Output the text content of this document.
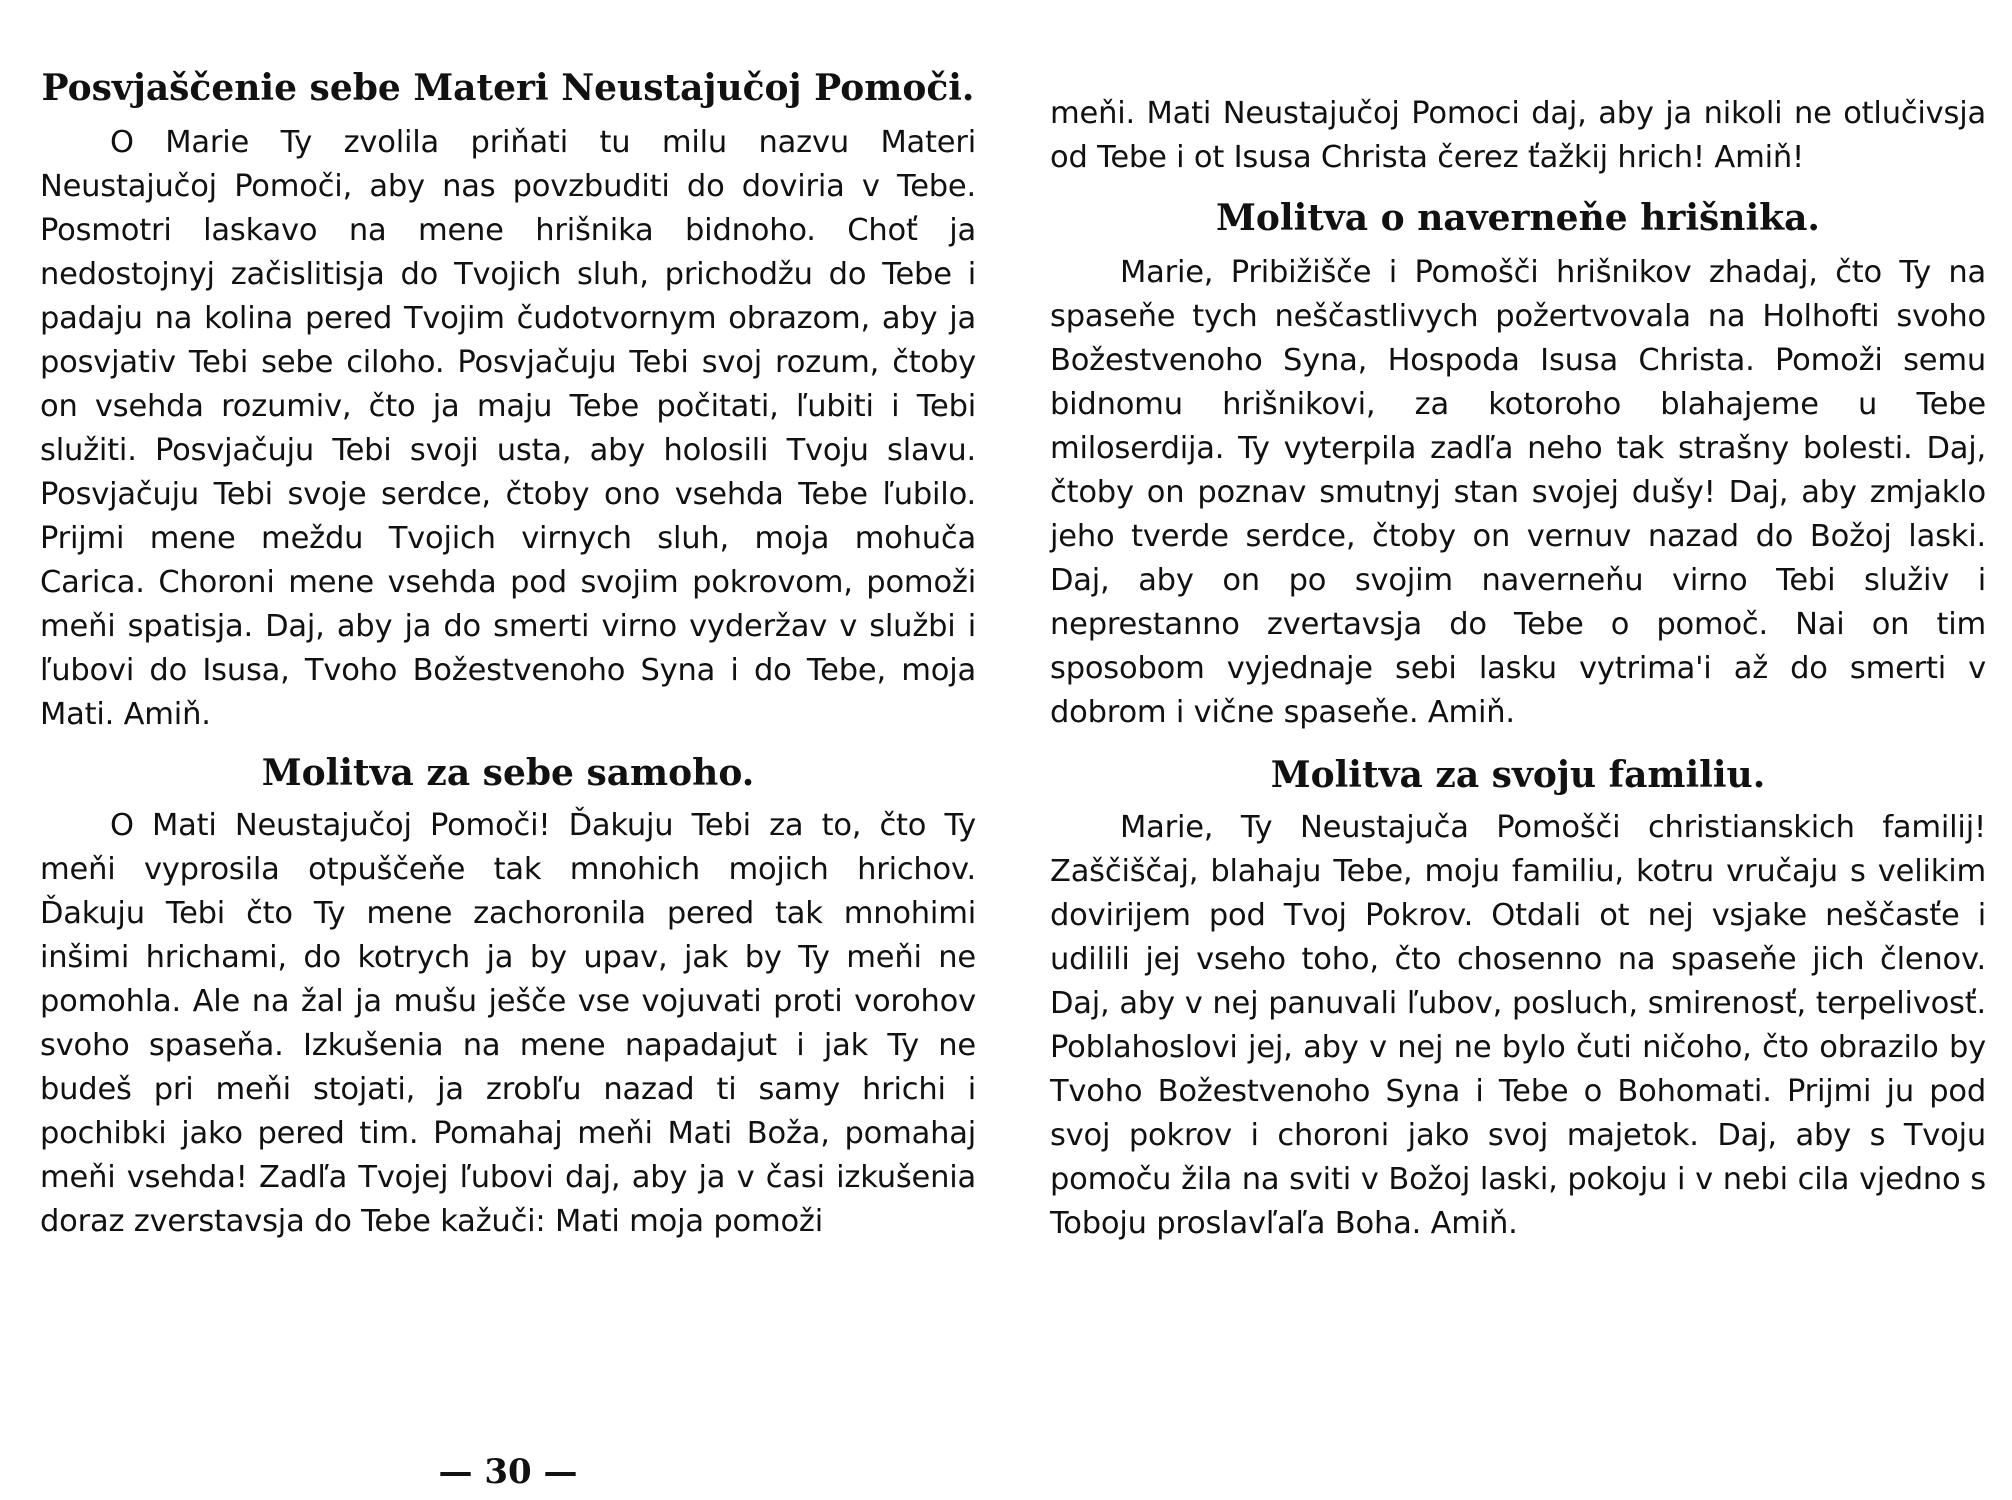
Posvjaščenie sebe Materi Neustajučoj Pomoči.

O Marie Ty zvolila priňati tu milu nazvu Materi Neustajučoj Pomoči, aby nas povzbuditi do doviria v Tebe. Posmotri laskavo na mene hrišnika bidnoho. Choť ja nedostojnyj začislitisja do Tvojich sluh, prichodžu do Tebe i padaju na kolina pered Tvojim čudotvornym obrazom, aby ja posvjativ Tebi sebe ciloho. Posvjačuju Tebi svoj rozum, čtoby on vsehda rozumiv, čto ja maju Tebe počitati, ľubiti i Tebi služiti. Posvjačuju Tebi svoji usta, aby holosili Tvoju slavu. Posvjačuju Tebi svoje serdce, čtoby ono vsehda Tebe ľubilo. Prijmi mene meždu Tvojich virnych sluh, moja mohuča Carica. Choroni mene vsehda pod svojim pokrovom, pomoži meňi spatisja. Daj, aby ja do smerti virno vyderžav v službi i ľubovi do Isusa, Tvoho Božestvenoho Syna i do Tebe, moja Mati. Amiň.

Molitva za sebe samoho.

O Mati Neustajučoj Pomoči! Ďakuju Tebi za to, čto Ty meňi vyprosila otpuščeňe tak mnohich mojich hrichov. Ďakuju Tebi čto Ty mene zachoronila pered tak mnohimi inšimi hrichami, do kotrych ja by upav, jak by Ty meňi ne pomohla. Ale na žal ja mušu ješče vse vojuvati proti vorohov svoho spaseňa. Izkušenia na mene napadajut i jak Ty ne budeš pri meňi stojati, ja zrobľu nazad ti samy hrichi i pochibki jako pered tim. Pomahaj meňi Mati Boža, pomahaj meňi vsehda! Zadľa Tvojej ľubovi daj, aby ja v časi izkušenia doraz zverstavsja do Tebe kažuči: Mati moja pomoži

— 30 —

meňi. Mati Neustajučoj Pomoci daj, aby ja nikoli ne otlučivsja od Tebe i ot Isusa Christa čerez ťažkij hrich! Amiň!

Molitva o naverneňe hrišnika.

Marie, Pribižišče i Pomošči hrišnikov zhadaj, čto Ty na spaseňe tych neščastlivych požertvovala na Holhofti svoho Božestvenoho Syna, Hospoda Isusa Christa. Pomoži semu bidnomu hrišnikovi, za kotoroho blahajeme u Tebe miloserdija. Ty vyterpila zadľa neho tak strašny bolesti. Daj, čtoby on poznav smutnyj stan svojej dušy! Daj, aby zmjaklo jeho tverde serdce, čtoby on vernuv nazad do Božoj laski. Daj, aby on po svojim naverneňu virno Tebi služiv i neprestanno zvertavsja do Tebe o pomoč. Nai on tim sposobom vyjednaje sebi lasku vytrima'i až do smerti v dobrom i vične spaseňe. Amiň.

Molitva za svoju familiu.

Marie, Ty Neustajuča Pomošči christianskich familij! Zaščiščaj, blahaju Tebe, moju familiu, kotru vručaju s velikim dovirijem pod Tvoj Pokrov. Otdali ot nej vsjake neščasťe i udilili jej vseho toho, čto chosenno na spaseňe jich členov. Daj, aby v nej panuvali ľubov, posluch, smirenosť, terpelivosť. Poblahoslovi jej, aby v nej ne bylo čuti ničoho, čto obrazilo by Tvoho Božestvenoho Syna i Tebe o Bohomati. Prijmi ju pod svoj pokrov i choroni jako svoj majetok. Daj, aby s Tvoju pomoču žila na sviti v Božoj laski, pokoju i v nebi cila vjedno s Toboju proslavľaľa Boha. Amiň.
